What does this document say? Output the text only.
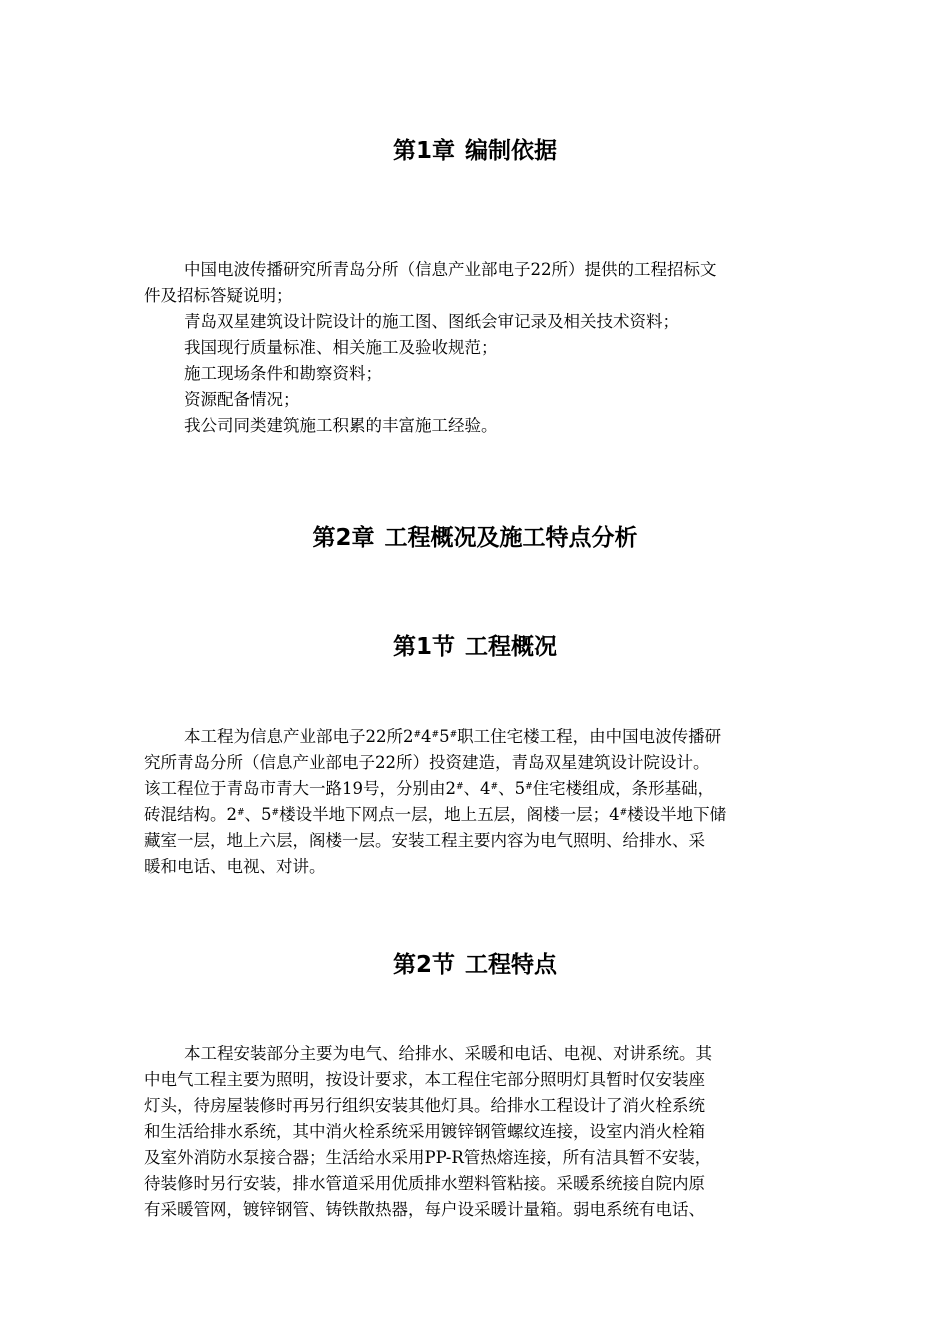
第1章 编制依据
中国电波传播研究所青岛分所（信息产业部电子22所）提供的工程招标文
件及招标答疑说明；
青岛双星建筑设计院设计的施工图、图纸会审记录及相关技术资料；
我国现行质量标准、相关施工及验收规范；
施工现场条件和勘察资料；
资源配备情况；
我公司同类建筑施工积累的丰富施工经验。
第2章 工程概况及施工特点分析
第1节 工程概况
本工程为信息产业部电子22所2#4#5#职工住宅楼工程，由中国电波传播研
究所青岛分所（信息产业部电子22所）投资建造，青岛双星建筑设计院设计。
该工程位于青岛市青大一路19号，分别由2#、4#、5#住宅楼组成，条形基础，
砖混结构。2#、5#楼设半地下网点一层，地上五层，阁楼一层；4#楼设半地下储
藏室一层，地上六层，阁楼一层。安装工程主要内容为电气照明、给排水、采
暖和电话、电视、对讲。
第2节 工程特点
本工程安装部分主要为电气、给排水、采暖和电话、电视、对讲系统。其
中电气工程主要为照明，按设计要求，本工程住宅部分照明灯具暂时仅安装座
灯头，待房屋装修时再另行组织安装其他灯具。给排水工程设计了消火栓系统
和生活给排水系统，其中消火栓系统采用镀锌钢管螺纹连接，设室内消火栓箱
及室外消防水泵接合器；生活给水采用PP-R管热熔连接，所有洁具暂不安装，
待装修时另行安装，排水管道采用优质排水塑料管粘接。采暖系统接自院内原
有采暖管网，镀锌钢管、铸铁散热器，每户设采暖计量箱。弱电系统有电话、
